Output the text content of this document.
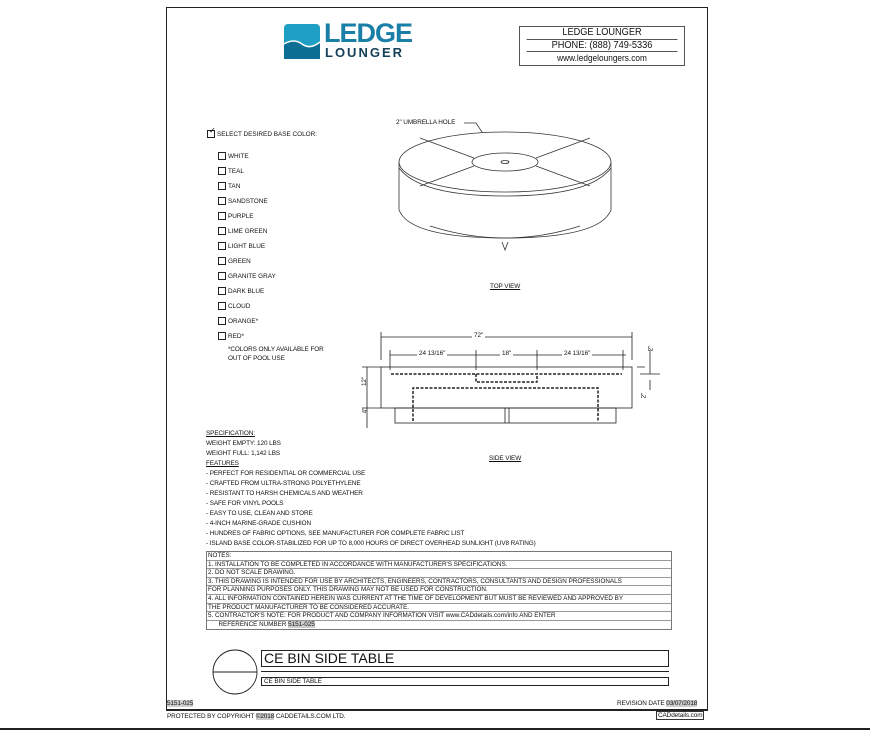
LEDGE
LOUNGER
LEDGE LOUNGER
PHONE: (888) 749-5336
www.ledgeloungers.com
✓ SELECT DESIRED BASE COLOR:
WHITE
TEAL
TAN
SANDSTONE
PURPLE
LIME GREEN
LIGHT BLUE
GREEN
GRANITE GRAY
DARK BLUE
CLOUD
ORANGE*
RED*
*COLORS ONLY AVAILABLE FOR
OUT OF POOL USE
2" UMBRELLA HOLE
TOP VIEW
72"
24 13/16"	18"	24 13/16"
12"
4"
2"
2"
SIDE VIEW
SPECIFICATION:
WEIGHT EMPTY: 120 LBS
WEIGHT FULL: 1,142 LBS
FEATURES
- PERFECT FOR RESIDENTIAL OR COMMERCIAL USE
- CRAFTED FROM ULTRA-STRONG POLYETHYLENE
- RESISTANT TO HARSH CHEMICALS AND WEATHER
- SAFE FOR VINYL POOLS
- EASY TO USE, CLEAN AND STORE
- 4-INCH MARINE-GRADE CUSHION
- HUNDRES OF FABRIC OPTIONS, SEE MANUFACTURER FOR COMPLETE FABRIC LIST
- ISLAND BASE COLOR-STABILIZED FOR UP TO 8,000 HOURS OF DIRECT OVERHEAD SUNLIGHT (UV8 RATING)
NOTES:
1. INSTALLATION TO BE COMPLETED IN ACCORDANCE WITH MANUFACTURER'S SPECIFICATIONS.
2. DO NOT SCALE DRAWING.
3. THIS DRAWING IS INTENDED FOR USE BY ARCHITECTS, ENGINEERS, CONTRACTORS, CONSULTANTS AND DESIGN PROFESSIONALS
FOR PLANNING PURPOSES ONLY. THIS DRAWING MAY NOT BE USED FOR CONSTRUCTION.
4. ALL INFORMATION CONTAINED HEREIN WAS CURRENT AT THE TIME OF DEVELOPMENT BUT MUST BE REVIEWED AND APPROVED BY
THE PRODUCT MANUFACTURER TO BE CONSIDERED ACCURATE.
5. CONTRACTOR'S NOTE: FOR PRODUCT AND COMPANY INFORMATION VISIT www.CADdetails.com/info AND ENTER
REFERENCE NUMBER 5151-025
CE BIN SIDE TABLE
CE BIN SIDE TABLE
5151-025	REVISION DATE 03/07/2018
PROTECTED BY COPYRIGHT ©2018 CADDETAILS.COM LTD.	CADdetails.com
